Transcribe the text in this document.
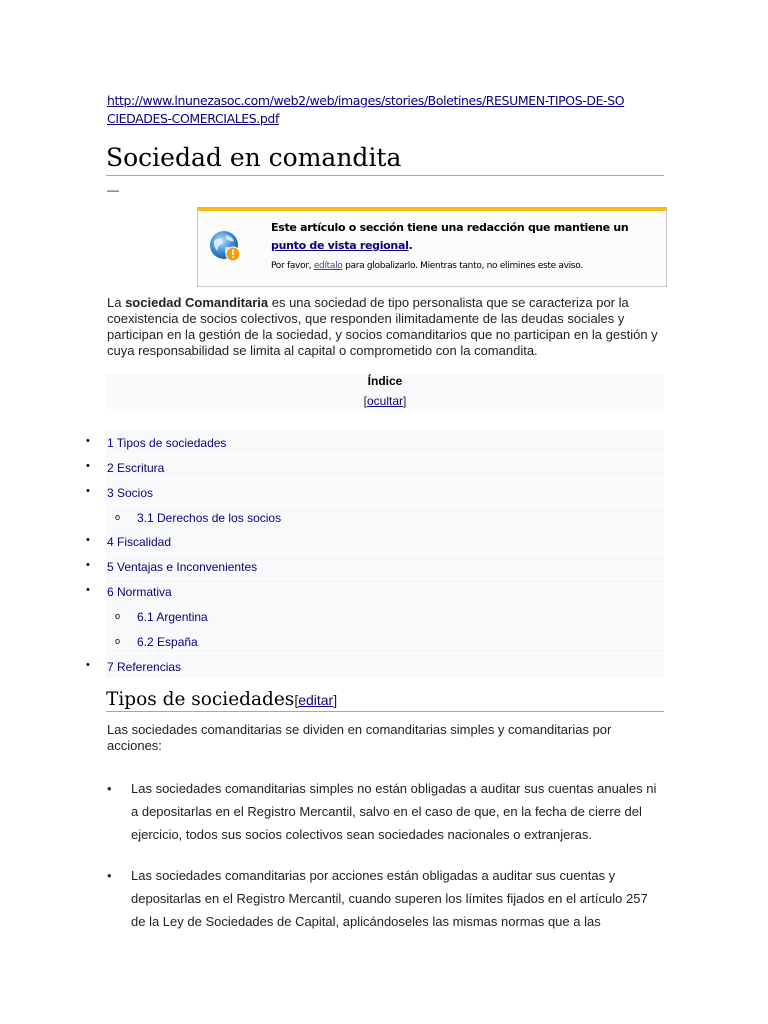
http://www.lnunezasoc.com/web2/web/images/stories/Boletines/RESUMEN-TIPOS-DE-SOCIEDADES-COMERCIALES.pdf
Sociedad en comandita
—
Este artículo o sección tiene una redacción que mantiene un punto de vista regional.
Por favor, edítalo para globalizarlo. Mientras tanto, no elimines este aviso.

La sociedad Comanditaria es una sociedad de tipo personalista que se caracteriza por la coexistencia de socios colectivos, que responden ilimitadamente de las deudas sociales y participan en la gestión de la sociedad, y socios comanditarios que no participan en la gestión y cuya responsabilidad se limita al capital o comprometido con la comandita.

Índice
[ocultar]
• 1 Tipos de sociedades
• 2 Escritura
• 3 Socios
o 3.1 Derechos de los socios
• 4 Fiscalidad
• 5 Ventajas e Inconvenientes
• 6 Normativa
o 6.1 Argentina
o 6.2 España
• 7 Referencias
Tipos de sociedades[editar]

Las sociedades comanditarias se dividen en comanditarias simples y comanditarias por acciones:

• Las sociedades comanditarias simples no están obligadas a auditar sus cuentas anuales ni a depositarlas en el Registro Mercantil, salvo en el caso de que, en la fecha de cierre del ejercicio, todos sus socios colectivos sean sociedades nacionales o extranjeras.
• Las sociedades comanditarias por acciones están obligadas a auditar sus cuentas y depositarlas en el Registro Mercantil, cuando superen los límites fijados en el artículo 257 de la Ley de Sociedades de Capital, aplicándoseles las mismas normas que a las
